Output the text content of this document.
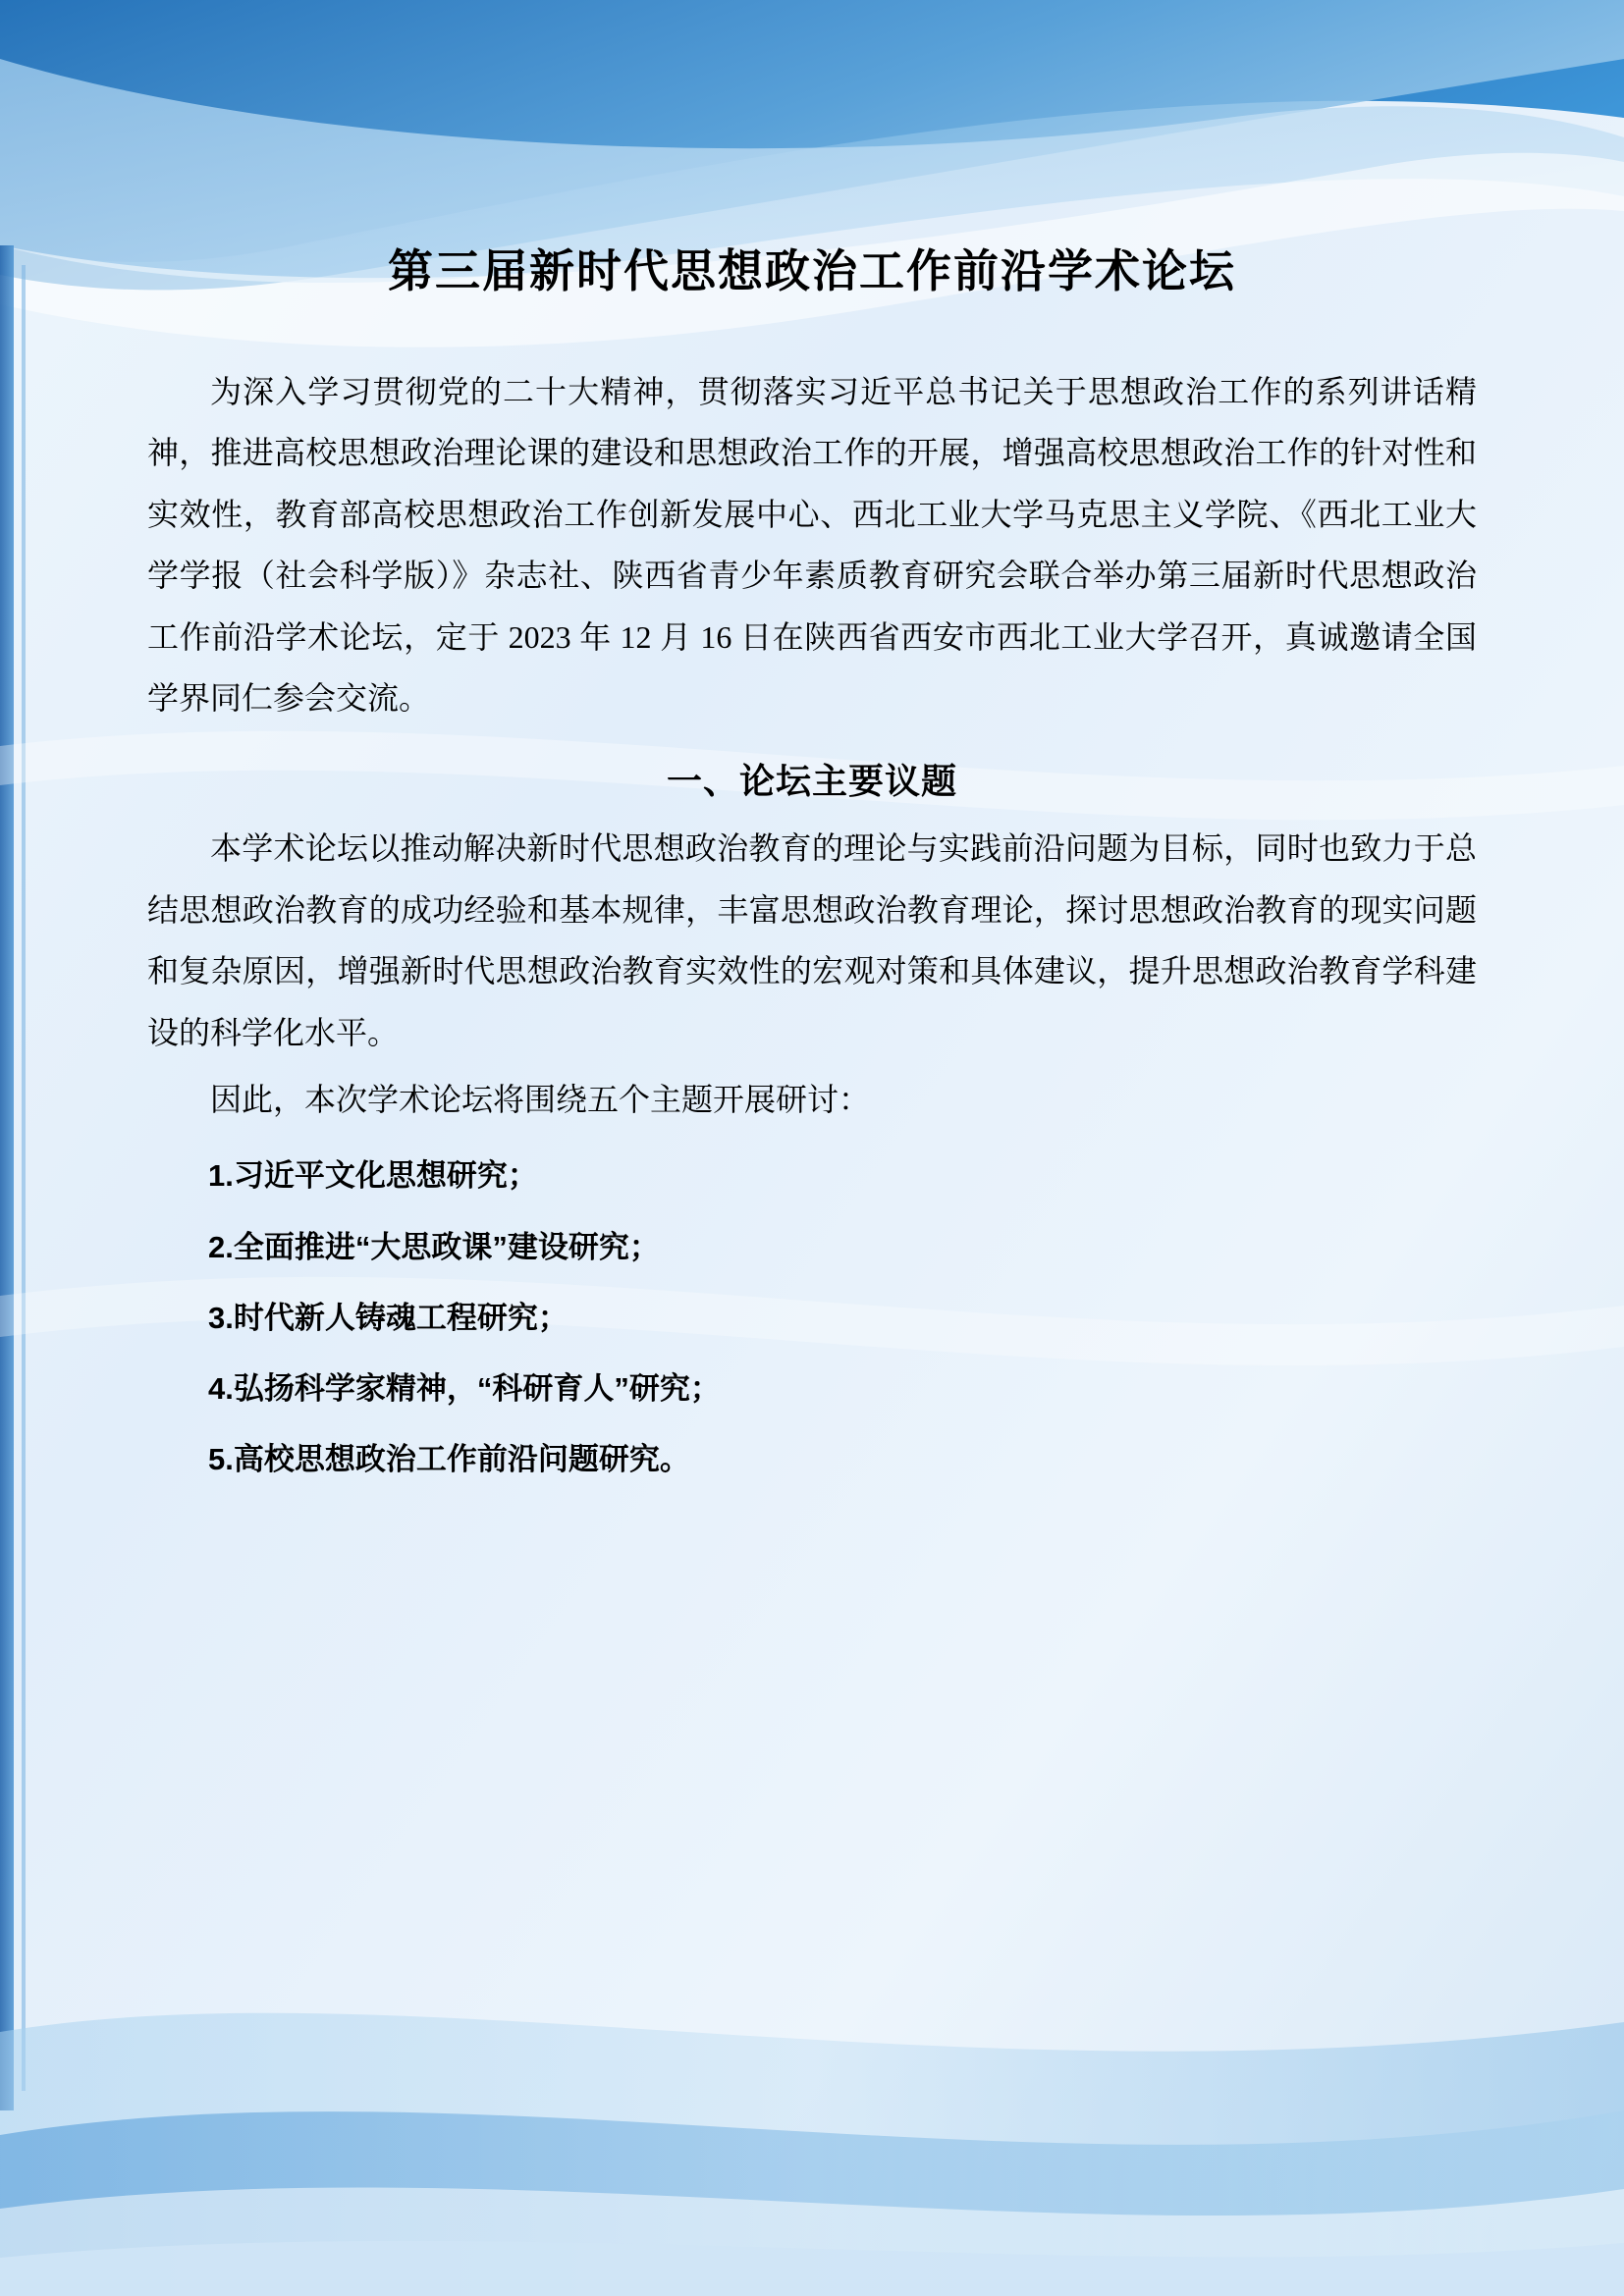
第三届新时代思想政治工作前沿学术论坛

为深入学习贯彻党的二十大精神，贯彻落实习近平总书记关于思想政治工作的系列讲话精神，推进高校思想政治理论课的建设和思想政治工作的开展，增强高校思想政治工作的针对性和实效性，教育部高校思想政治工作创新发展中心、西北工业大学马克思主义学院、《西北工业大学学报（社会科学版）》杂志社、陕西省青少年素质教育研究会联合举办第三届新时代思想政治工作前沿学术论坛，定于 2023 年 12 月 16 日在陕西省西安市西北工业大学召开，真诚邀请全国学界同仁参会交流。

一、论坛主要议题

本学术论坛以推动解决新时代思想政治教育的理论与实践前沿问题为目标，同时也致力于总结思想政治教育的成功经验和基本规律，丰富思想政治教育理论，探讨思想政治教育的现实问题和复杂原因，增强新时代思想政治教育实效性的宏观对策和具体建议，提升思想政治教育学科建设的科学化水平。

因此，本次学术论坛将围绕五个主题开展研讨：

1.习近平文化思想研究；
2.全面推进“大思政课”建设研究；
3.时代新人铸魂工程研究；
4.弘扬科学家精神，“科研育人”研究；
5.高校思想政治工作前沿问题研究。
